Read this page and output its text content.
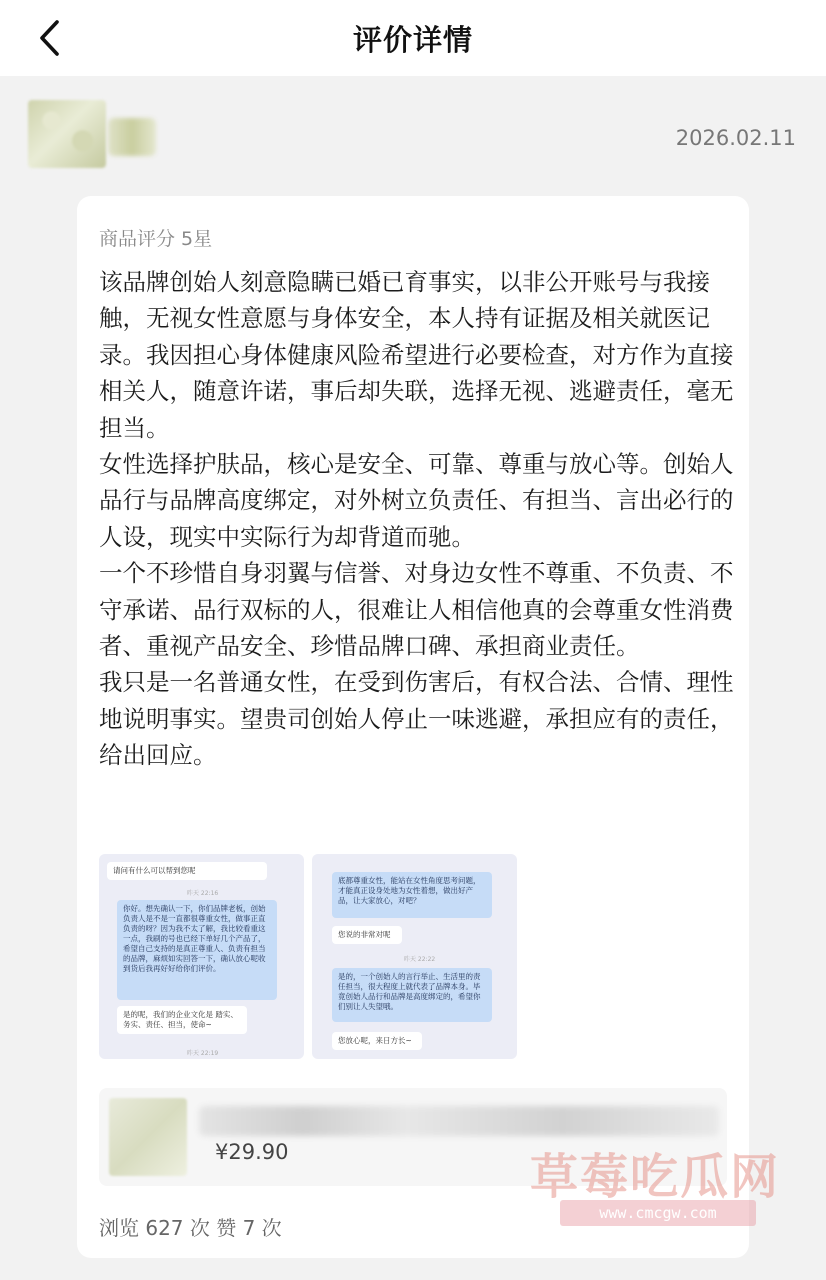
评价详情
2026.02.11
商品评分 5星

该品牌创始人刻意隐瞒已婚已育事实，以非公开账号与我接触，无视女性意愿与身体安全，本人持有证据及相关就医记录。我因担心身体健康风险希望进行必要检查，对方作为直接相关人，随意许诺，事后却失联，选择无视、逃避责任，毫无担当。

女性选择护肤品，核心是安全、可靠、尊重与放心等。创始人品行与品牌高度绑定，对外树立负责任、有担当、言出必行的人设，现实中实际行为却背道而驰。

一个不珍惜自身羽翼与信誉、对身边女性不尊重、不负责、不守承诺、品行双标的人，很难让人相信他真的会尊重女性消费者、重视产品安全、珍惜品牌口碑、承担商业责任。

我只是一名普通女性，在受到伤害后，有权合法、合情、理性地说明事实。望贵司创始人停止一味逃避，承担应有的责任，给出回应。

请问有什么可以帮到您呢
昨天 22:16
你好。想先确认一下，你们品牌老板，创始负责人是不是一直都很尊重女性，做事正直负责的呀？因为我不太了解，我比较看重这一点，我刷的号也已经下单好几个产品了，希望自己支持的是真正尊重人、负责有担当的品牌，麻烦如实回答一下，确认放心呢收到货后我再好好给你们评价。
是的呢，我们的企业文化是 踏实、务实、责任、担当，使命~
昨天 22:19
底都尊重女性，能站在女性角度思考问题，才能真正设身处地为女性着想，做出好产品，让大家放心，对吧？
您说的非常对呢
昨天 22:22
是的，一个创始人的言行举止、生活里的责任担当，很大程度上就代表了品牌本身。毕竟创始人品行和品牌是高度绑定的，希望你们别让人失望哦。
您放心呢，来日方长~
¥29.90
浏览 627 次 赞 7 次
草莓吃瓜网
www.cmcgw.com
